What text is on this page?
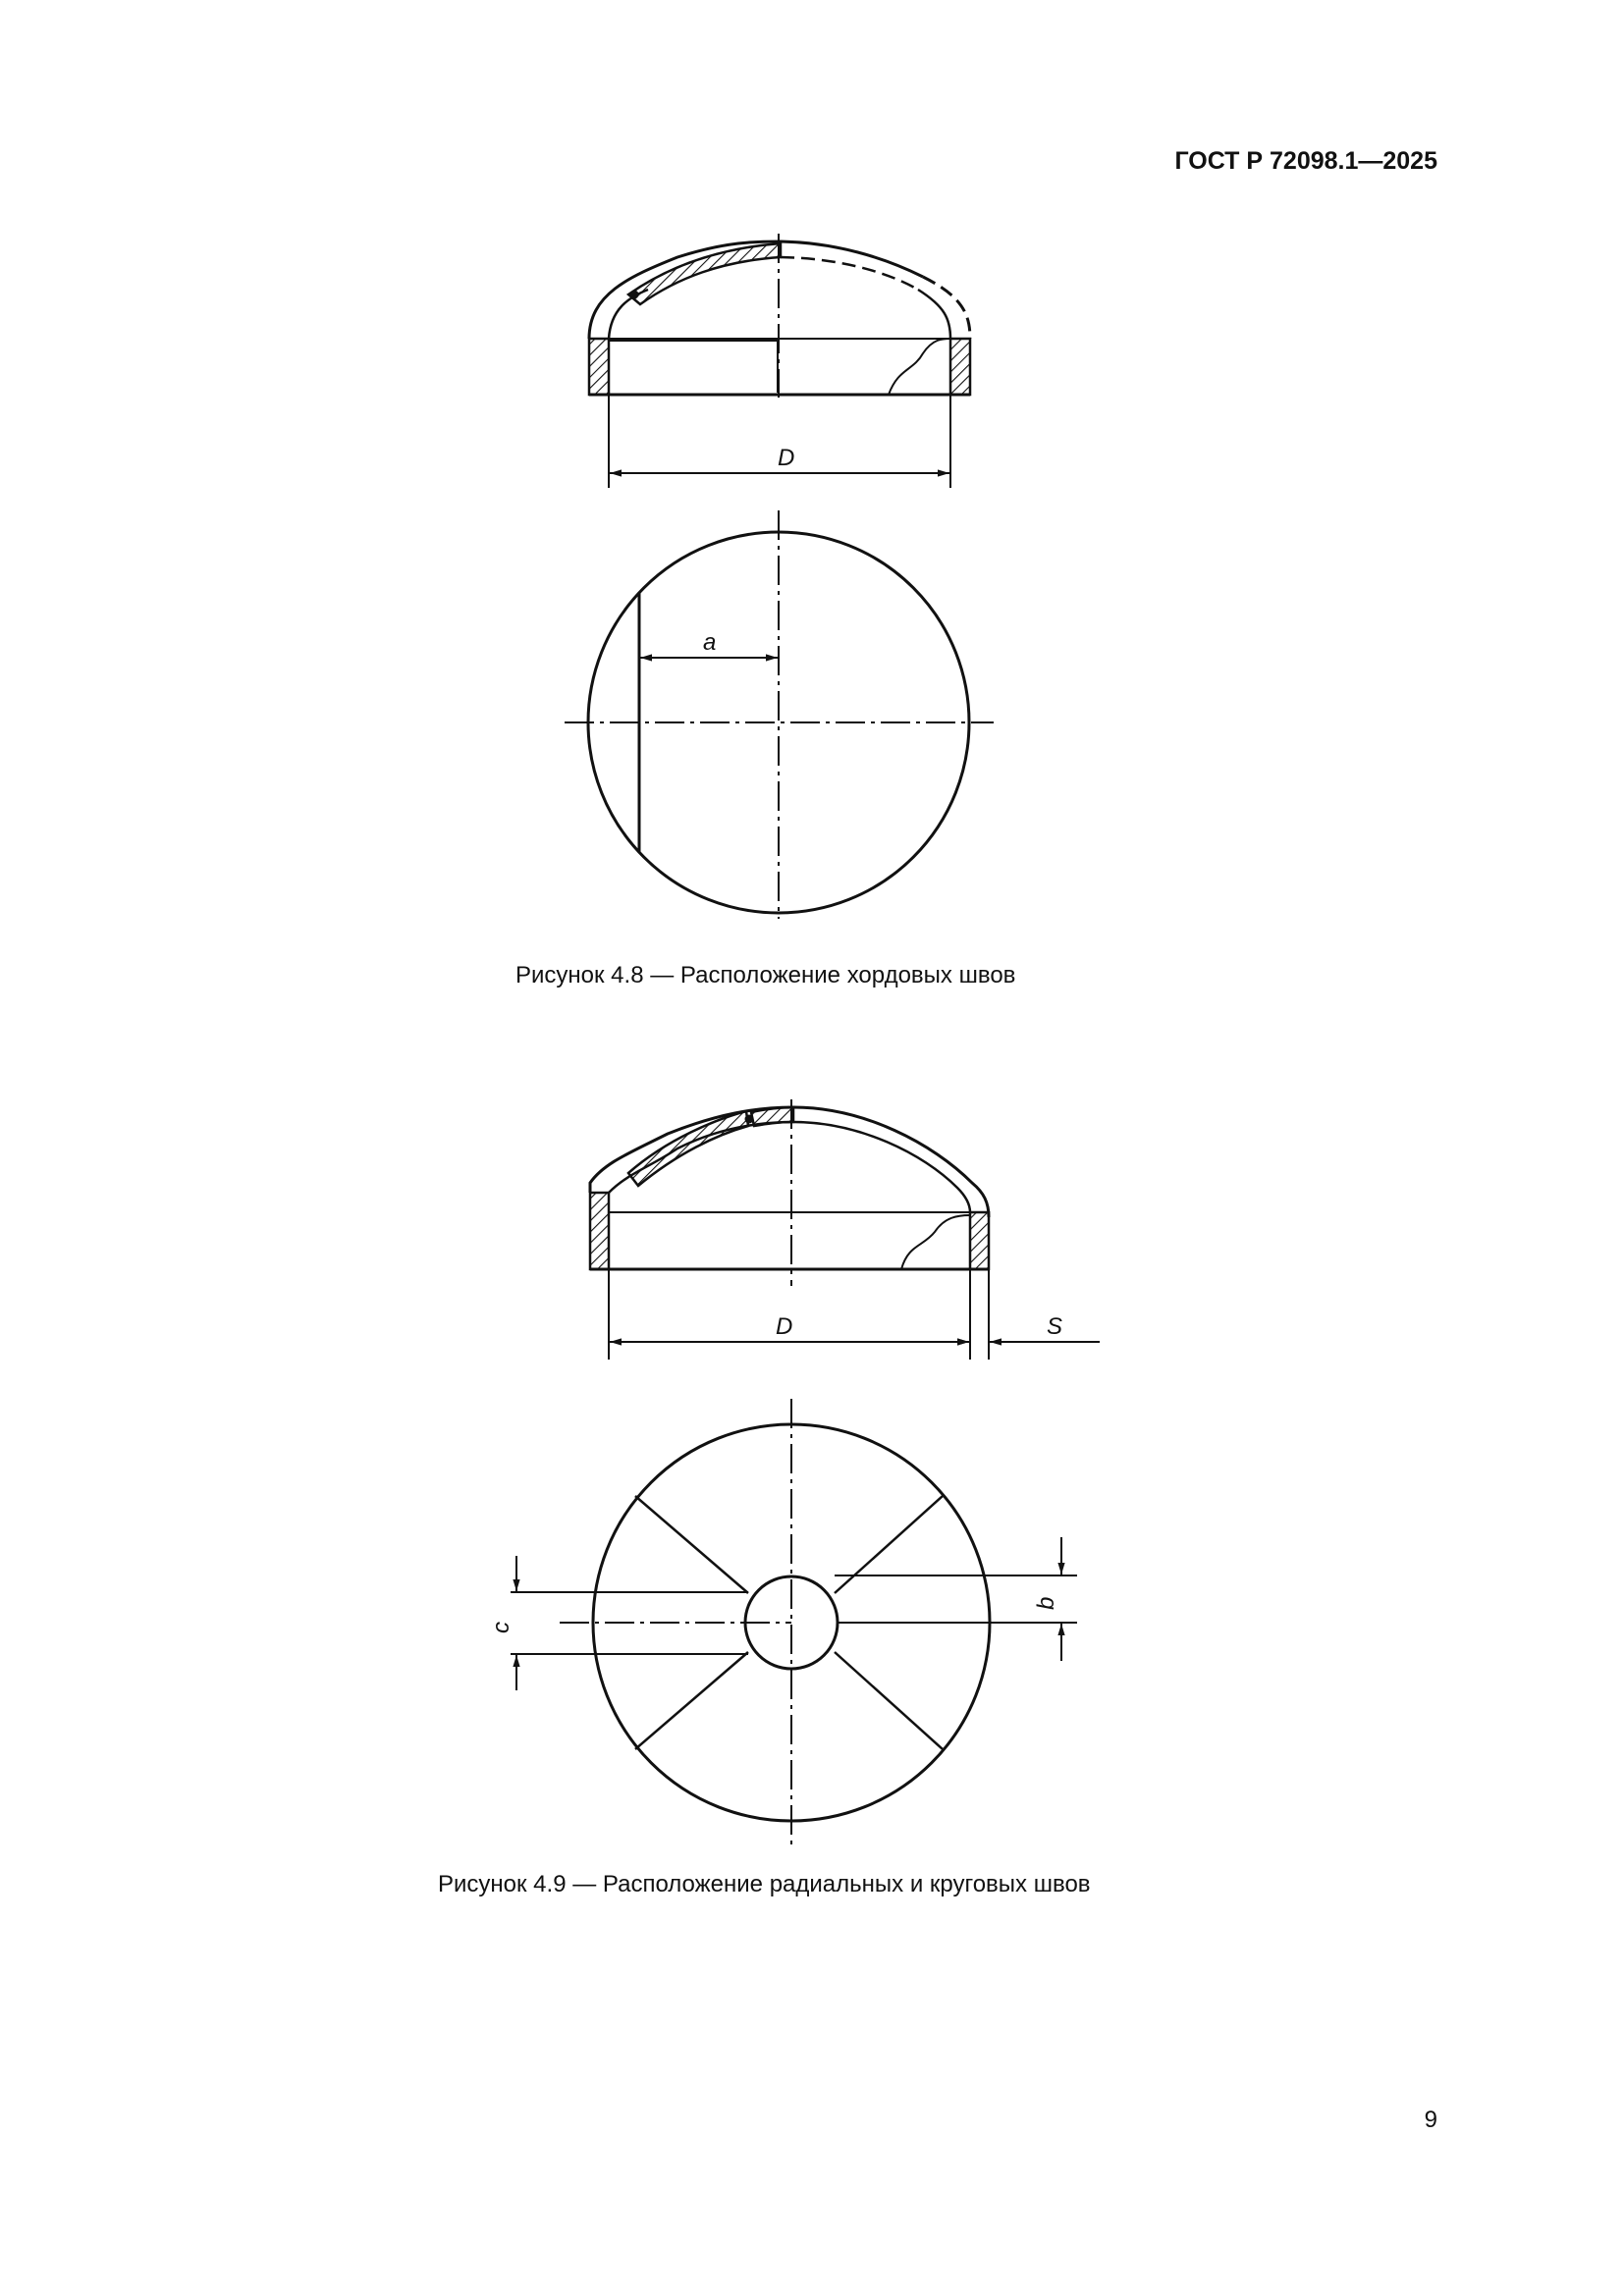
ГОСТ Р 72098.1—2025
D
a
D	S
c
b
Рисунок 4.8 — Расположение хордовых швов
Рисунок 4.9 — Расположение радиальных и круговых швов
9
